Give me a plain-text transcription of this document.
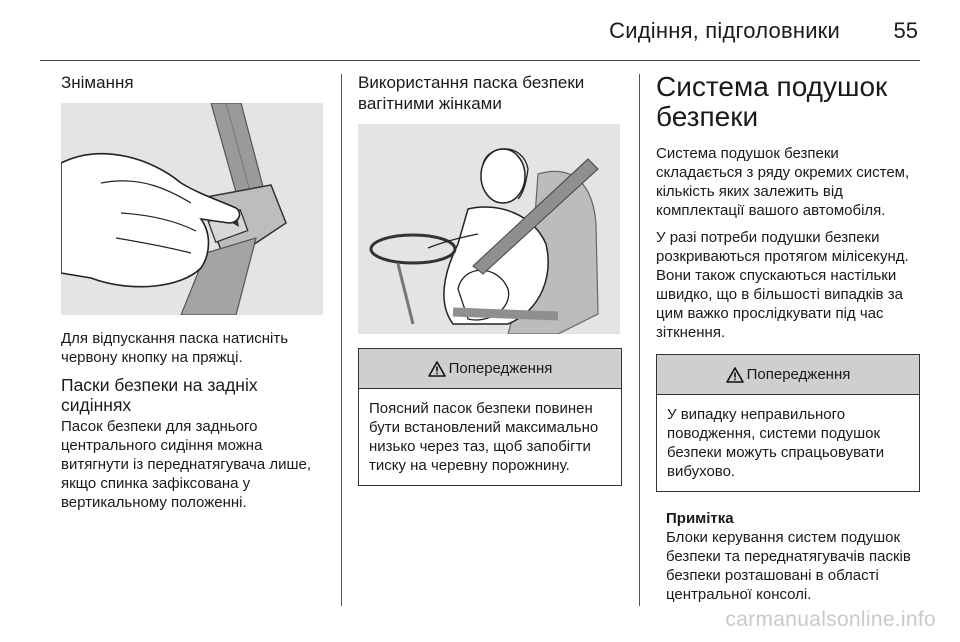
Сидіння, підголовники 55
Знімання

Для відпускання паска натисніть червону кнопку на пряжці.

Паски безпеки на задніх сидіннях

Пасок безпеки для заднього центрального сидіння можна витягнути із переднатягувача лише, якщо спинка зафіксована у вертикальному положенні.

Використання паска безпеки вагітними жінками
Попередження
Поясний пасок безпеки повинен бути встановлений максимально низько через таз, щоб запобігти тиску на черевну порожнину.
Система подушок безпеки

Система подушок безпеки складається з ряду окремих систем, кількість яких залежить від комплектації вашого автомобіля.

У разі потреби подушки безпеки розкриваються протягом мілісекунд. Вони також спускаються настільки швидко, що в більшості випадків за цим важко прослідкувати під час зіткнення.

Попередження
У випадку неправильного поводження, системи подушок безпеки можуть спрацьовувати вибухово.
Примітка
Блоки керування систем подушок безпеки та переднатягувачів пасків безпеки розташовані в області центральної консолі.
carmanualsonline.info
